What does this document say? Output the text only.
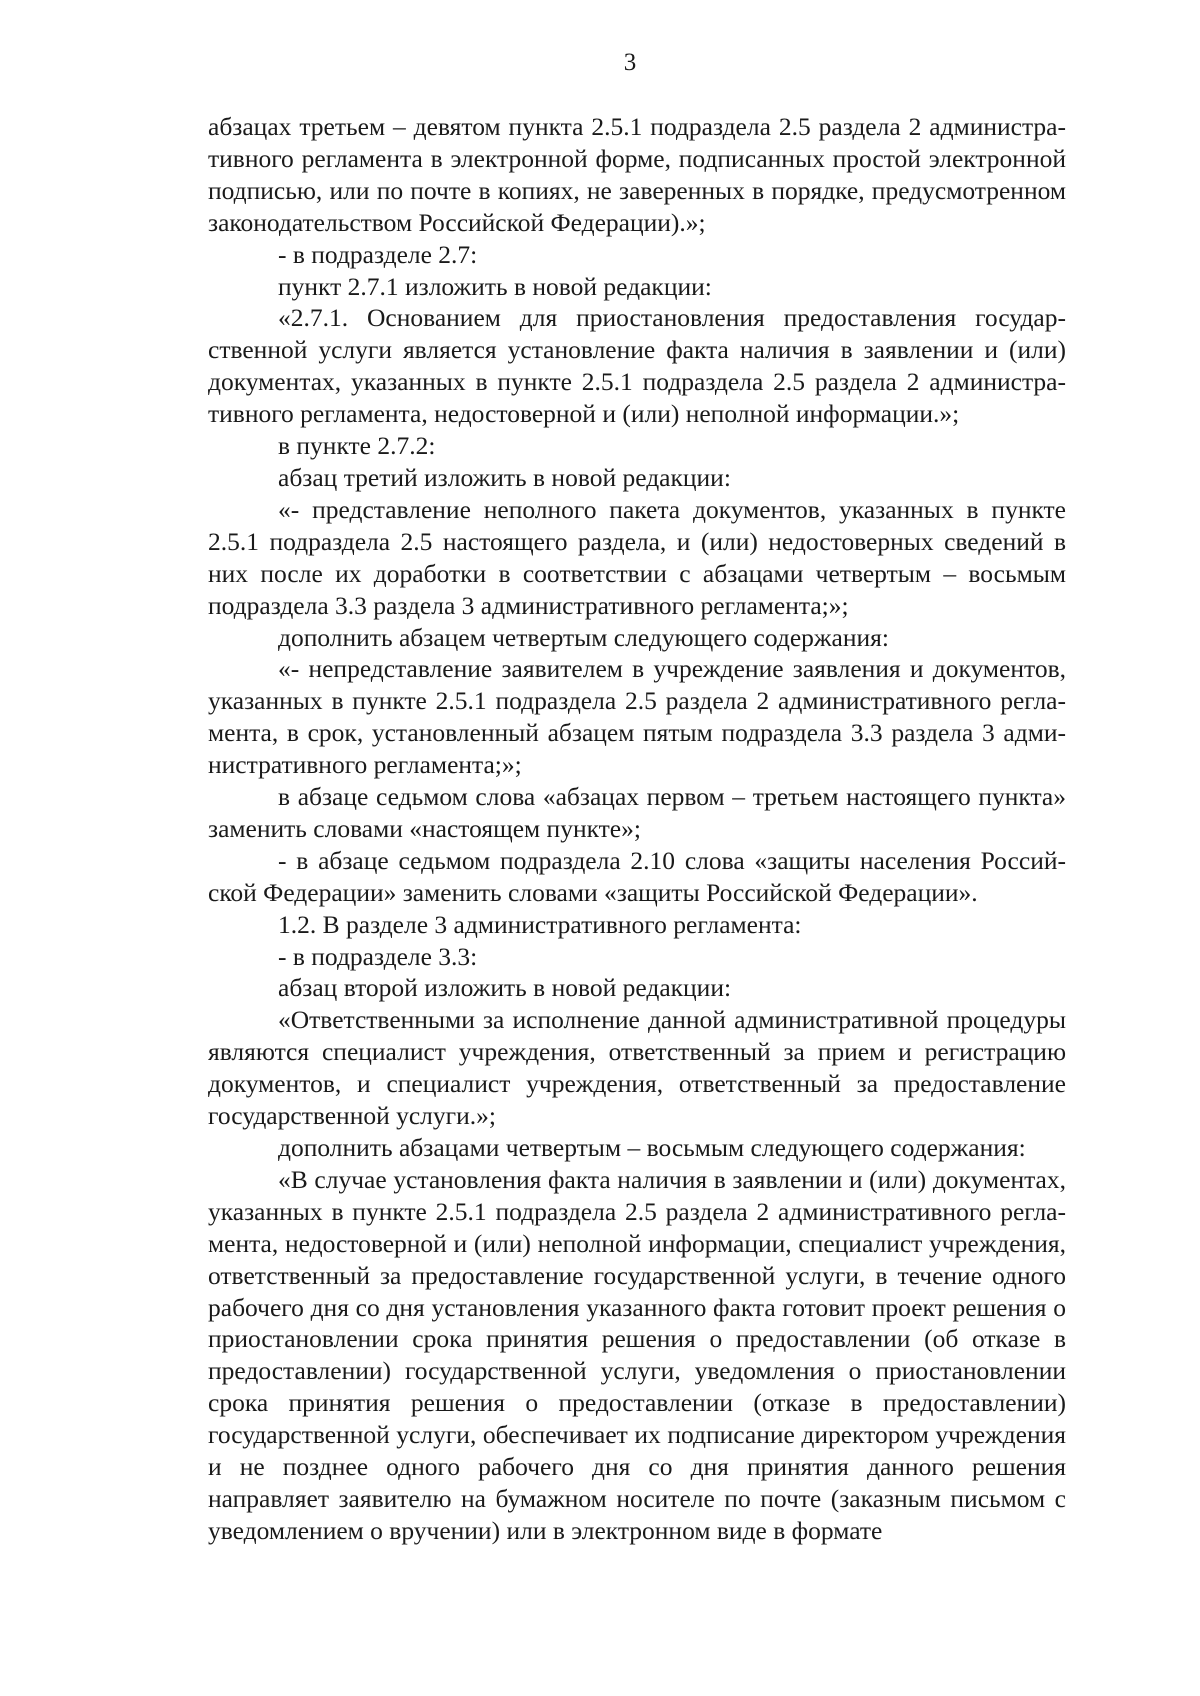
3

абзацах третьем – девятом пункта 2.5.1 подраздела 2.5 раздела 2 административного регламента в электронной форме, подписанных простой электронной подписью, или по почте в копиях, не заверенных в порядке, предусмотренном законодательством Российской Федерации).»;

- в подразделе 2.7:

пункт 2.7.1 изложить в новой редакции:

«2.7.1. Основанием для приостановления предоставления государственной услуги является установление факта наличия в заявлении и (или) документах, указанных в пункте 2.5.1 подраздела 2.5 раздела 2 административного регламента, недостоверной и (или) неполной информации.»;

в пункте 2.7.2:

абзац третий изложить в новой редакции:

«- представление неполного пакета документов, указанных в пункте 2.5.1 подраздела 2.5 настоящего раздела, и (или) недостоверных сведений в них после их доработки в соответствии с абзацами четвертым – восьмым подраздела 3.3 раздела 3 административного регламента;»;

дополнить абзацем четвертым следующего содержания:

«- непредставление заявителем в учреждение заявления и документов, указанных в пункте 2.5.1 подраздела 2.5 раздела 2 административного регламента, в срок, установленный абзацем пятым подраздела 3.3 раздела 3 административного регламента;»;

в абзаце седьмом слова «абзацах первом – третьем настоящего пункта» заменить словами «настоящем пункте»;

- в абзаце седьмом подраздела 2.10 слова «защиты населения Российской Федерации» заменить словами «защиты Российской Федерации».

1.2. В разделе 3 административного регламента:

- в подразделе 3.3:

абзац второй изложить в новой редакции:

«Ответственными за исполнение данной административной процедуры являются специалист учреждения, ответственный за прием и регистрацию документов, и специалист учреждения, ответственный за предоставление государственной услуги.»;

дополнить абзацами четвертым – восьмым следующего содержания:

«В случае установления факта наличия в заявлении и (или) документах, указанных в пункте 2.5.1 подраздела 2.5 раздела 2 административного регламента, недостоверной и (или) неполной информации, специалист учреждения, ответственный за предоставление государственной услуги, в течение одного рабочего дня со дня установления указанного факта готовит проект решения о приостановлении срока принятия решения о предоставлении (об отказе в предоставлении) государственной услуги, уведомления о приостановлении срока принятия решения о предоставлении (отказе в предоставлении) государственной услуги, обеспечивает их подписание директором учреждения и не позднее одного рабочего дня со дня принятия данного решения направляет заявителю на бумажном носителе по почте (заказным письмом с уведомлением о вручении) или в электронном виде в формате
